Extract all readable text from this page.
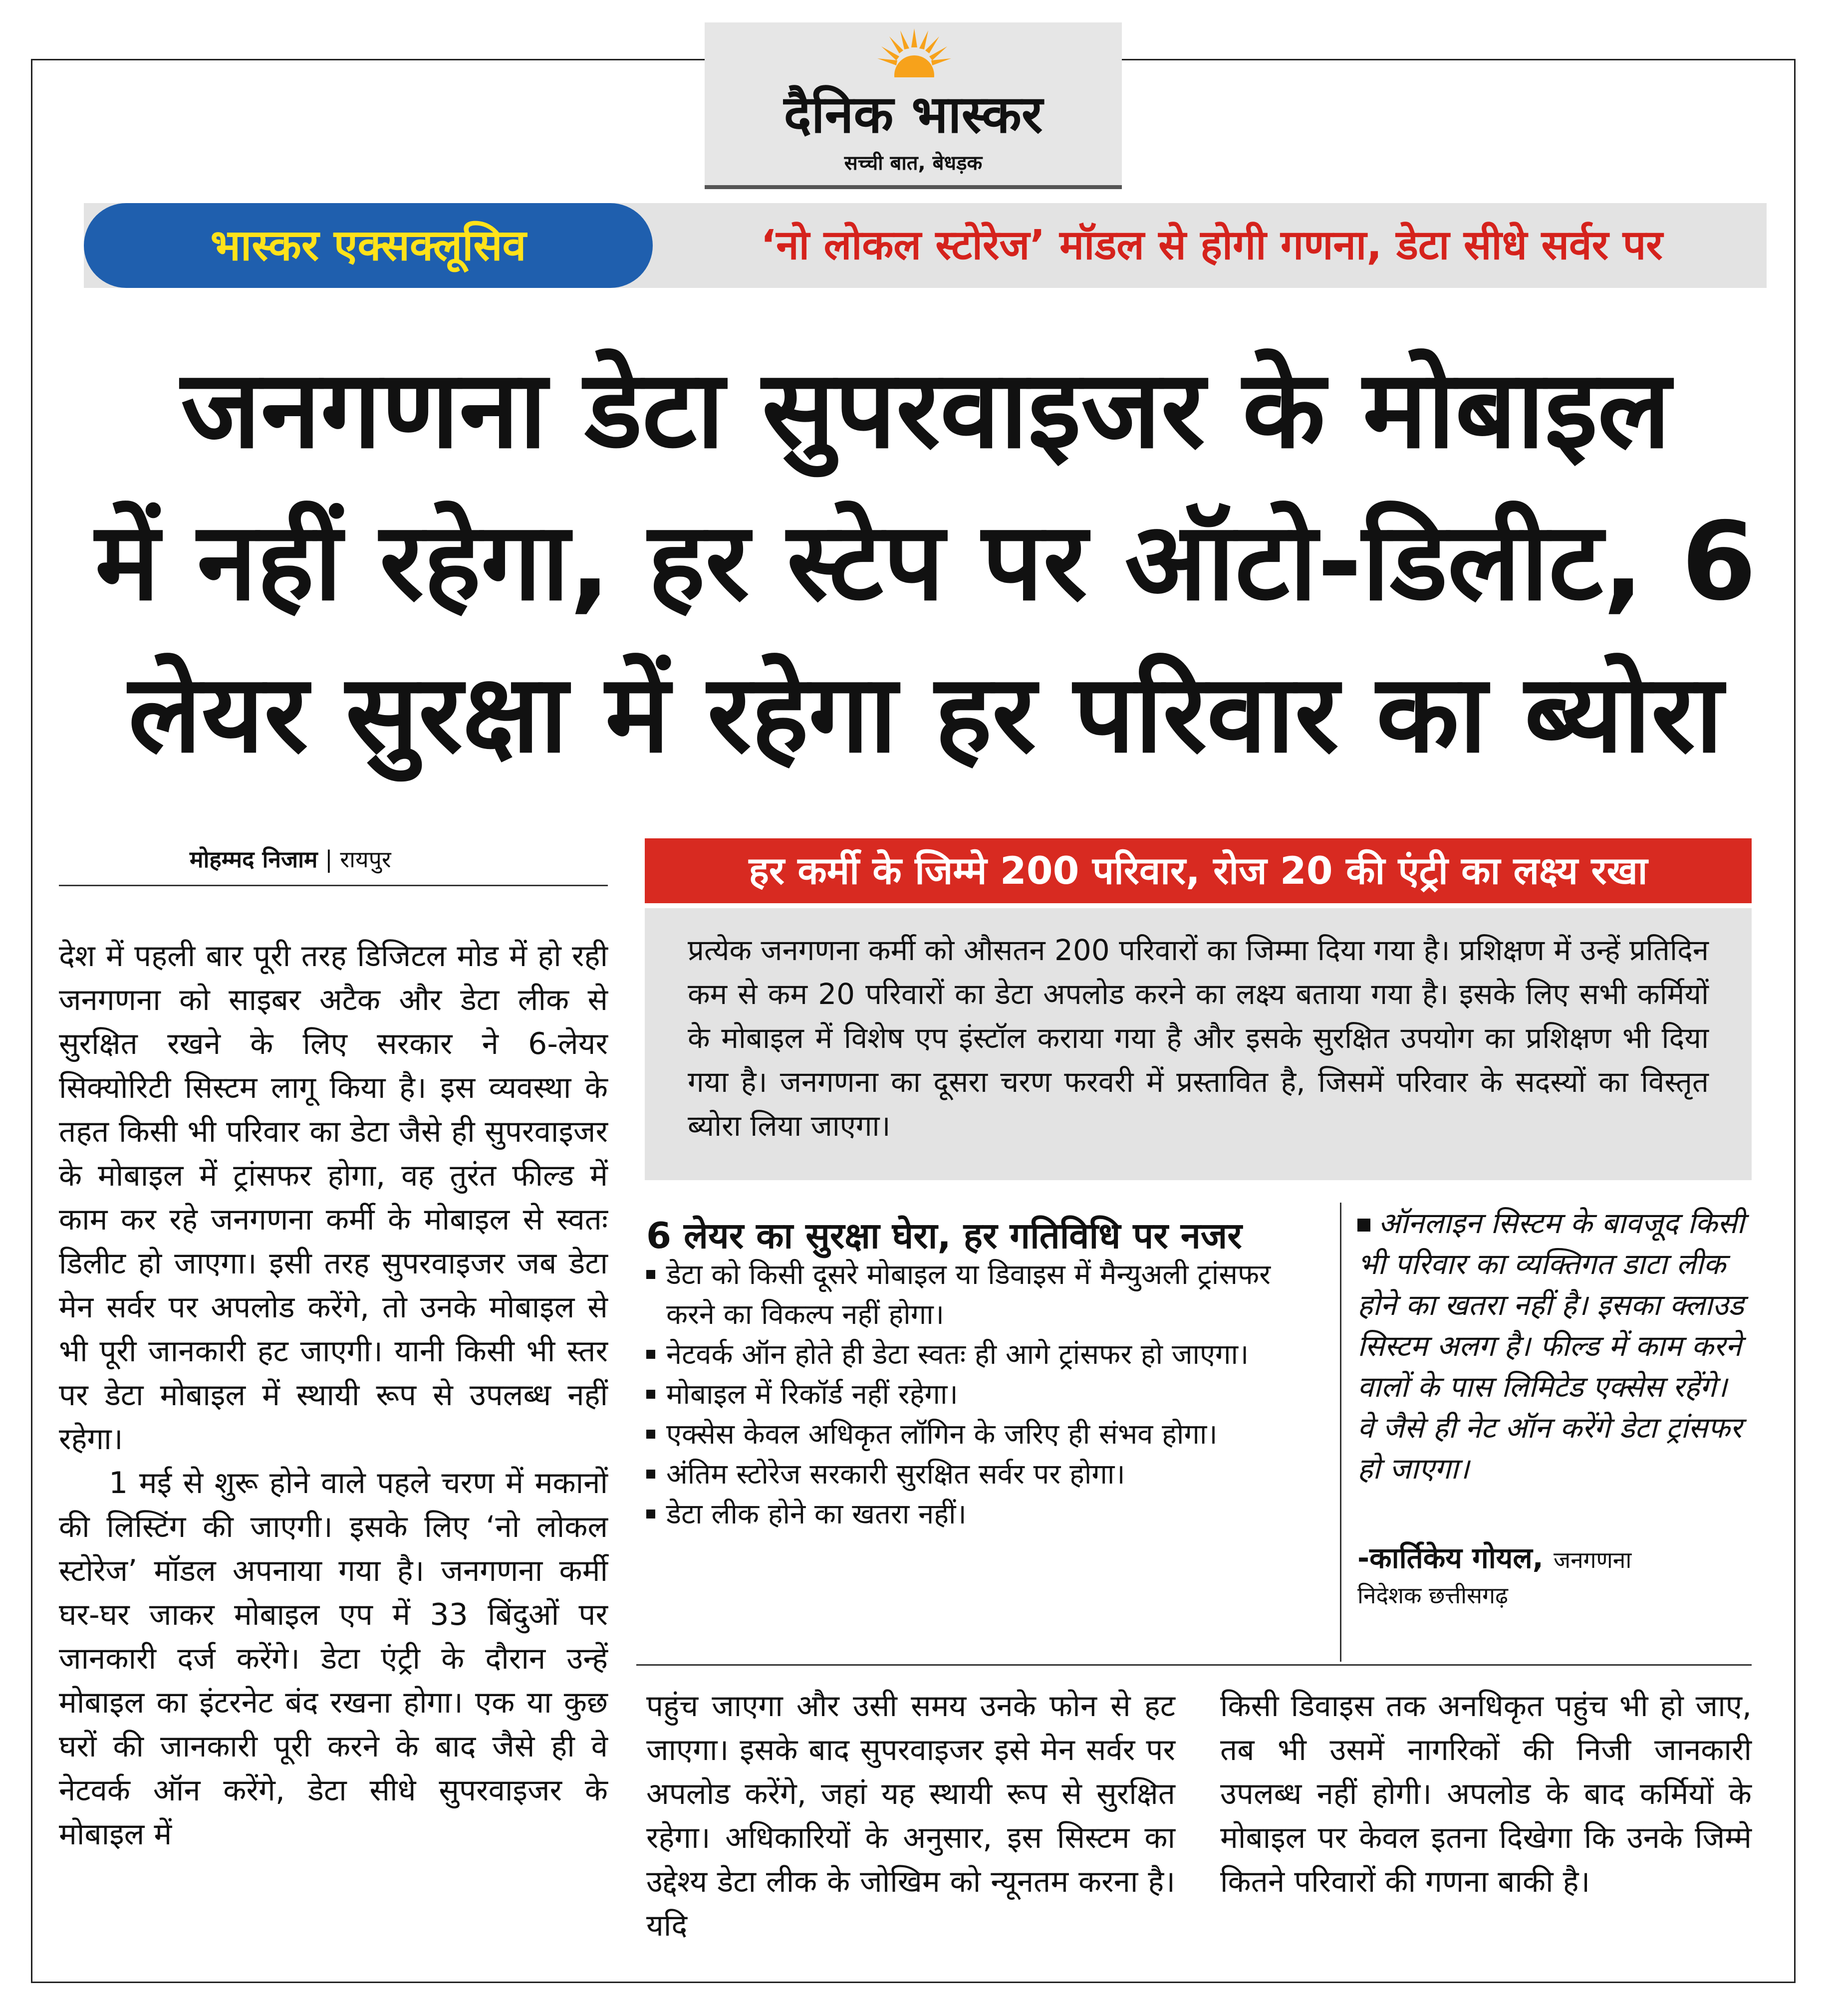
दैनिक भास्कर
सच्ची बात, बेधड़क
भास्कर एक्सक्लूसिव	‘नो लोकल स्टोरेज’ मॉडल से होगी गणना, डेटा सीधे सर्वर पर
जनगणना डेटा सुपरवाइजर के मोबाइल
में नहीं रहेगा, हर स्टेप पर ऑटो-डिलीट, 6
लेयर सुरक्षा में रहेगा हर परिवार का ब्योरा
मोहम्मद निजाम | रायपुर

देश में पहली बार पूरी तरह डिजिटल मोड में हो रही जनगणना को साइबर अटैक और डेटा लीक से सुरक्षित रखने के लिए सरकार ने 6-लेयर सिक्योरिटी सिस्टम लागू किया है। इस व्यवस्था के तहत किसी भी परिवार का डेटा जैसे ही सुपरवाइजर के मोबाइल में ट्रांसफर होगा, वह तुरंत फील्ड में काम कर रहे जनगणना कर्मी के मोबाइल से स्वतः डिलीट हो जाएगा। इसी तरह सुपरवाइजर जब डेटा मेन सर्वर पर अपलोड करेंगे, तो उनके मोबाइल से भी पूरी जानकारी हट जाएगी। यानी किसी भी स्तर पर डेटा मोबाइल में स्थायी रूप से उपलब्ध नहीं रहेगा।

1 मई से शुरू होने वाले पहले चरण में मकानों की लिस्टिंग की जाएगी। इसके लिए ‘नो लोकल स्टोरेज’ मॉडल अपनाया गया है। जनगणना कर्मी घर-घर जाकर मोबाइल एप में 33 बिंदुओं पर जानकारी दर्ज करेंगे। डेटा एंट्री के दौरान उन्हें मोबाइल का इंटरनेट बंद रखना होगा। एक या कुछ घरों की जानकारी पूरी करने के बाद जैसे ही वे नेटवर्क ऑन करेंगे, डेटा सीधे सुपरवाइजर के मोबाइल में

हर कर्मी के जिम्मे 200 परिवार, रोज 20 की एंट्री का लक्ष्य रखा

प्रत्येक जनगणना कर्मी को औसतन 200 परिवारों का जिम्मा दिया गया है। प्रशिक्षण में उन्हें प्रतिदिन कम से कम 20 परिवारों का डेटा अपलोड करने का लक्ष्य बताया गया है। इसके लिए सभी कर्मियों के मोबाइल में विशेष एप इंस्टॉल कराया गया है और इसके सुरक्षित उपयोग का प्रशिक्षण भी दिया गया है। जनगणना का दूसरा चरण फरवरी में प्रस्तावित है, जिसमें परिवार के सदस्यों का विस्तृत ब्योरा लिया जाएगा।

6 लेयर का सुरक्षा घेरा, हर गतिविधि पर नजर
डेटा को किसी दूसरे मोबाइल या डिवाइस में मैन्युअली ट्रांसफर करने का विकल्प नहीं होगा।
नेटवर्क ऑन होते ही डेटा स्वतः ही आगे ट्रांसफर हो जाएगा।
मोबाइल में रिकॉर्ड नहीं रहेगा।
एक्सेस केवल अधिकृत लॉगिन के जरिए ही संभव होगा।
अंतिम स्टोरेज सरकारी सुरक्षित सर्वर पर होगा।
डेटा लीक होने का खतरा नहीं।

ऑनलाइन सिस्टम के बावजूद किसी भी परिवार का व्यक्तिगत डाटा लीक होने का खतरा नहीं है। इसका क्लाउड सिस्टम अलग है। फील्ड में काम करने वालों के पास लिमिटेड एक्सेस रहेंगे। वे जैसे ही नेट ऑन करेंगे डेटा ट्रांसफर हो जाएगा।

-कार्तिकेय गोयल, जनगणना
निदेशक छत्तीसगढ़

पहुंच जाएगा और उसी समय उनके फोन से हट जाएगा। इसके बाद सुपरवाइजर इसे मेन सर्वर पर अपलोड करेंगे, जहां यह स्थायी रूप से सुरक्षित रहेगा। अधिकारियों के अनुसार, इस सिस्टम का उद्देश्य डेटा लीक के जोखिम को न्यूनतम करना है। यदि

किसी डिवाइस तक अनधिकृत पहुंच भी हो जाए, तब भी उसमें नागरिकों की निजी जानकारी उपलब्ध नहीं होगी। अपलोड के बाद कर्मियों के मोबाइल पर केवल इतना दिखेगा कि उनके जिम्मे कितने परिवारों की गणना बाकी है।
